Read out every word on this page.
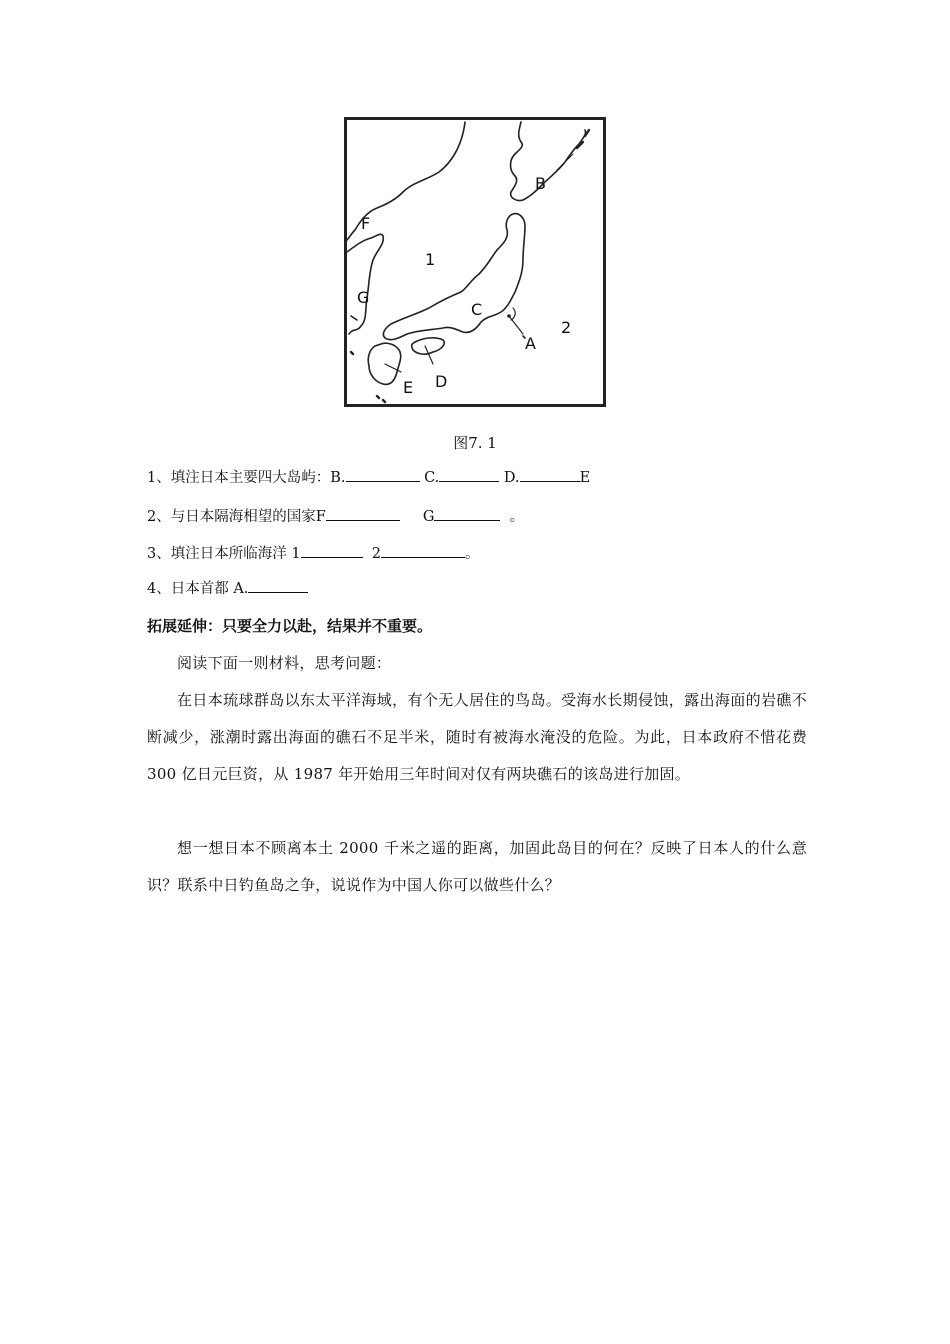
B
F
1
G
C
2
A
D
E
图7. 1
1、填注日本主要四大岛屿：B.	C.	D.	E
2、与日本隔海相望的国家F	G	。
3、填注日本所临海洋 1	2	。
4、日本首都 A.
拓展延伸：只要全力以赴，结果并不重要。
阅读下面一则材料，思考问题：
在日本琉球群岛以东太平洋海域，有个无人居住的鸟岛。受海水长期侵蚀，露出海面的岩礁不断减少，涨潮时露出海面的礁石不足半米，随时有被海水淹没的危险。为此，日本政府不惜花费 300 亿日元巨资，从 1987 年开始用三年时间对仅有两块礁石的该岛进行加固。
想一想日本不顾离本土 2000 千米之遥的距离，加固此岛目的何在？反映了日本人的什么意识？联系中日钓鱼岛之争，说说作为中国人你可以做些什么？
